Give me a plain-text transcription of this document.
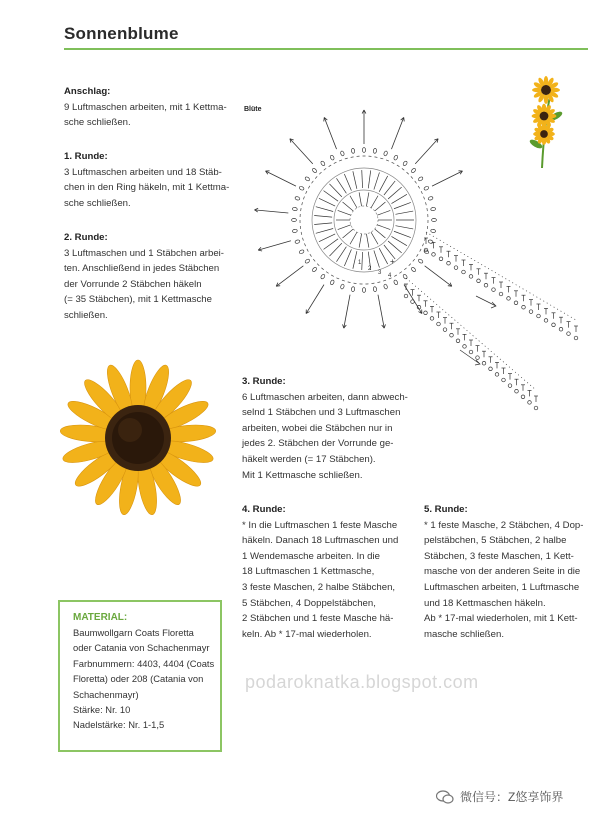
Sonnenblume
Anschlag:
9 Luftmaschen arbeiten, mit 1 Kettma-
sche schließen.
1. Runde:
3 Luftmaschen arbeiten und 18 Stäb-
chen in den Ring häkeln, mit 1 Kettma-
sche schließen.
2. Runde:
3 Luftmaschen und 1 Stäbchen arbei-
ten. Anschließend in jedes Stäbchen
der Vorrunde 2 Stäbchen häkeln
(= 35 Stäbchen), mit 1 Kettmasche
schließen.
Blüte
1
2
3 4
+
3. Runde:
6 Luftmaschen arbeiten, dann abwech-
selnd 1 Stäbchen und 3 Luftmaschen
arbeiten, wobei die Stäbchen nur in
jedes 2. Stäbchen der Vorrunde ge-
häkelt werden (= 17 Stäbchen).
Mit 1 Kettmasche schließen.
4. Runde:
* In die Luftmaschen 1 feste Masche
häkeln. Danach 18 Luftmaschen und
1 Wendemasche arbeiten. In die
18 Luftmaschen 1 Kettmasche,
3 feste Maschen, 2 halbe Stäbchen,
5 Stäbchen, 4 Doppelstäbchen,
2 Stäbchen und 1 feste Masche hä-
keln. Ab * 17-mal wiederholen.
5. Runde:
* 1 feste Masche, 2 Stäbchen, 4 Dop-
pelstäbchen, 5 Stäbchen, 2 halbe
Stäbchen, 3 feste Maschen, 1 Kett-
masche von der anderen Seite in die
Luftmaschen arbeiten, 1 Luftmasche
und 18 Kettmaschen häkeln.
Ab * 17-mal wiederholen, mit 1 Kett-
masche schließen.
MATERIAL:
Baumwollgarn Coats Floretta
oder Catania von Schachenmayr
Farbnummern: 4403, 4404 (Coats
Floretta) oder 208 (Catania von
Schachenmayr)
Stärke: Nr. 10
Nadelstärke: Nr. 1-1,5
podaroknatka.blogspot.com
微信号：Z悠享饰界
